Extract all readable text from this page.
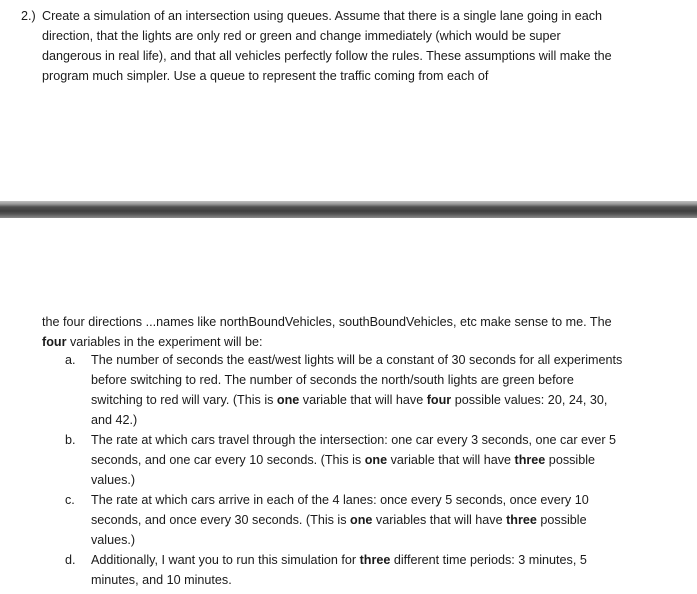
2.) Create a simulation of an intersection using queues. Assume that there is a single lane going in each direction, that the lights are only red or green and change immediately (which would be super dangerous in real life), and that all vehicles perfectly follow the rules. These assumptions will make the program much simpler. Use a queue to represent the traffic coming from each of
the four directions ...names like northBoundVehicles, southBoundVehicles, etc make sense to me. The four variables in the experiment will be:
a. The number of seconds the east/west lights will be a constant of 30 seconds for all experiments before switching to red. The number of seconds the north/south lights are green before switching to red will vary. (This is one variable that will have four possible values: 20, 24, 30, and 42.)
b. The rate at which cars travel through the intersection: one car every 3 seconds, one car ever 5 seconds, and one car every 10 seconds. (This is one variable that will have three possible values.)
c. The rate at which cars arrive in each of the 4 lanes: once every 5 seconds, once every 10 seconds, and once every 30 seconds. (This is one variables that will have three possible values.)
d. Additionally, I want you to run this simulation for three different time periods: 3 minutes, 5 minutes, and 10 minutes.
